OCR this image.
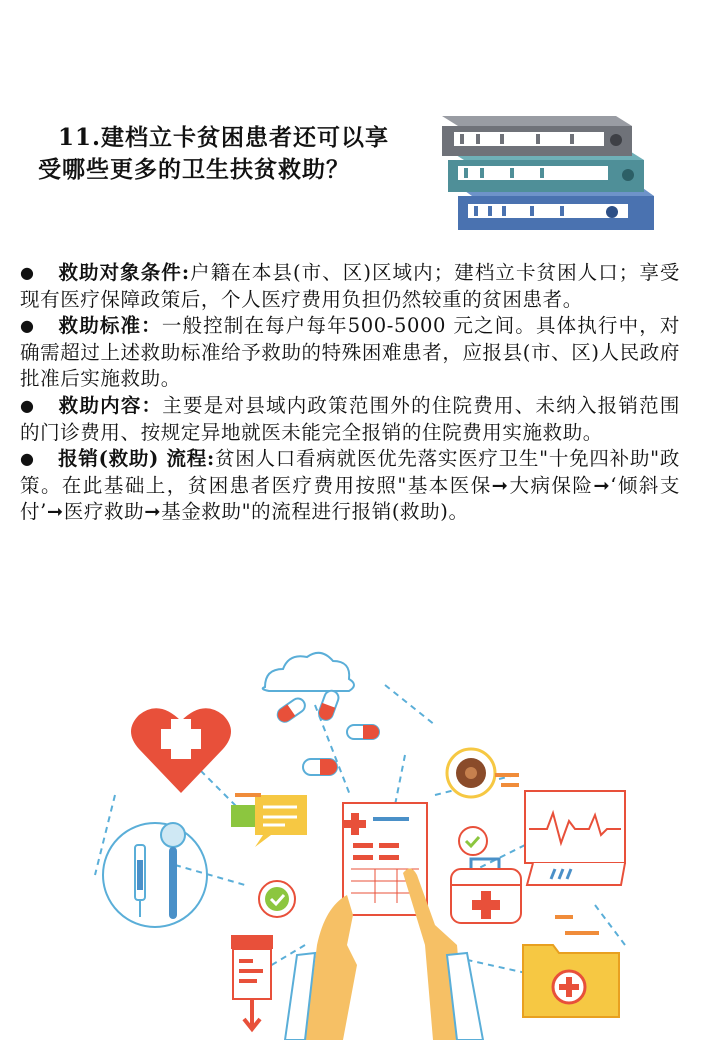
11.建档立卡贫困患者还可以享
受哪些更多的卫生扶贫救助？

● 救助对象条件:户籍在本县(市、区)区域内；建档立卡贫困人口；享受现有医疗保障政策后，个人医疗费用负担仍然较重的贫困患者。

● 救助标准：一般控制在每户每年500-5000 元之间。具体执行中，对确需超过上述救助标准给予救助的特殊困难患者，应报县(市、区)人民政府批准后实施救助。

● 救助内容：主要是对县域内政策范围外的住院费用、未纳入报销范围的门诊费用、按规定异地就医未能完全报销的住院费用实施救助。

● 报销(救助) 流程:贫困人口看病就医优先落实医疗卫生"十免四补助"政策。在此基础上，贫困患者医疗费用按照"基本医保➞大病保险➞‘倾斜支付’➞医疗救助➞基金救助"的流程进行报销(救助)。
